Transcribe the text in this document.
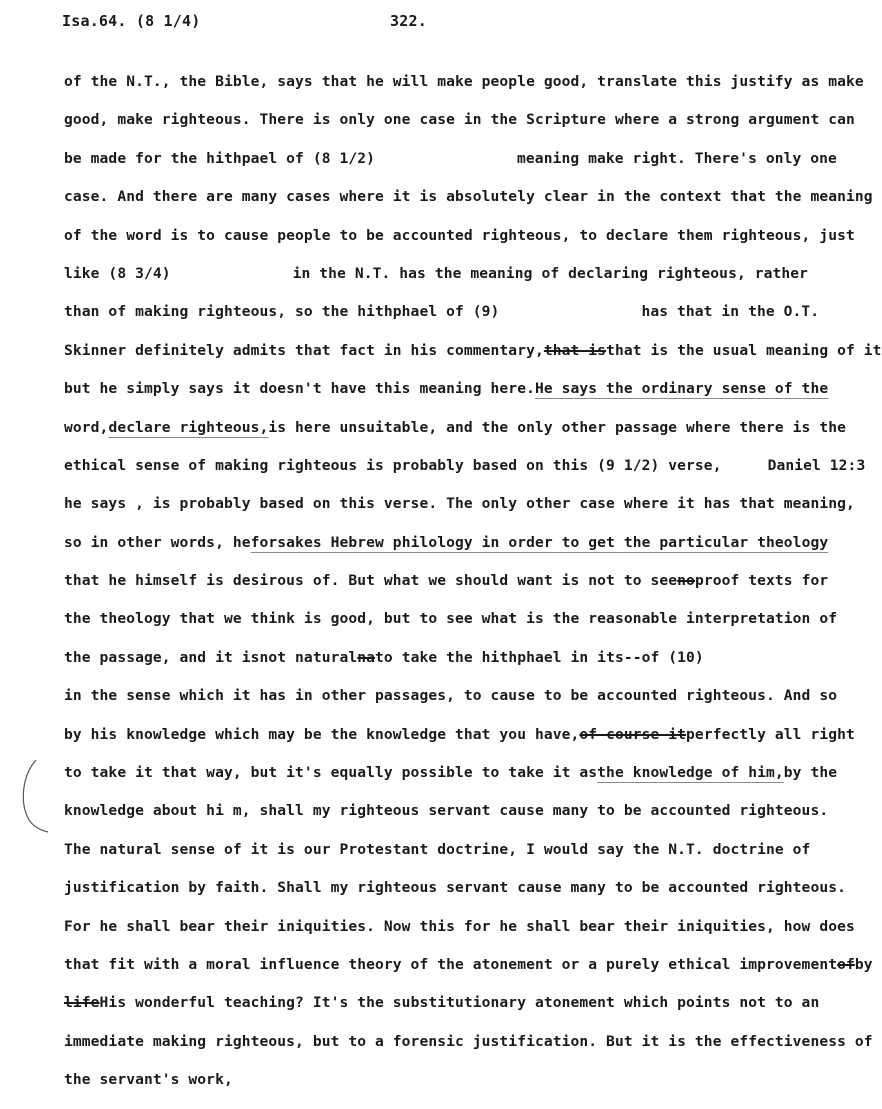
Isa.64. (8 1/4)	322.
of the N.T., the Bible, says that he will make people good, translate this justify as make
good, make righteous. There is only one case in the Scripture where a strong argument can
be made for the hithpael of (8 1/2)	meaning make right. There's only one
case. And there are many cases where it is absolutely clear in the context that the meaning
of the word is to cause people to be accounted righteous, to declare them righteous, just
like (8 3/4)	in the N.T. has the meaning of declaring righteous, rather
than of making righteous, so the hithphael of (9)	has that in the O.T.
Skinner definitely admits that fact in his commentary,that isthat is the usual meaning of it
but he simply says it doesn't have this meaning here.He says the ordinary sense of the
word,declare righteous,is here unsuitable, and the only other passage where there is the
ethical sense of making righteous is probably based on this (9 1/2) verse,	Daniel 12:3
he says , is probably based on this verse. The only other case where it has that meaning,
so in other words, heforsakes Hebrew philology in order to get the particular theology
that he himself is desirous of. But what we should want is not to seenoproof texts for
the theology that we think is good, but to see what is the reasonable interpretation of
the passage, and it isnot naturalnato take the hithphael in its--of (10)
in the sense which it has in other passages, to cause to be accounted righteous. And so
by his knowledge which may be the knowledge that you have,of course itperfectly all right
to take it that way, but it's equally possible to take it asthe knowledge of him,by the
knowledge about hi m, shall my righteous servant cause many to be accounted righteous.
The natural sense of it is our Protestant doctrine, I would say the N.T. doctrine of
justification by faith. Shall my righteous servant cause many to be accounted righteous.
For he shall bear their iniquities. Now this for he shall bear their iniquities, how does
that fit with a moral influence theory of the atonement or a purely ethical improvementofby
lifeHis wonderful teaching? It's the substitutionary atonement which points not to an
immediate making righteous, but to a forensic justification. But it is the effectiveness of
the servant's work,
